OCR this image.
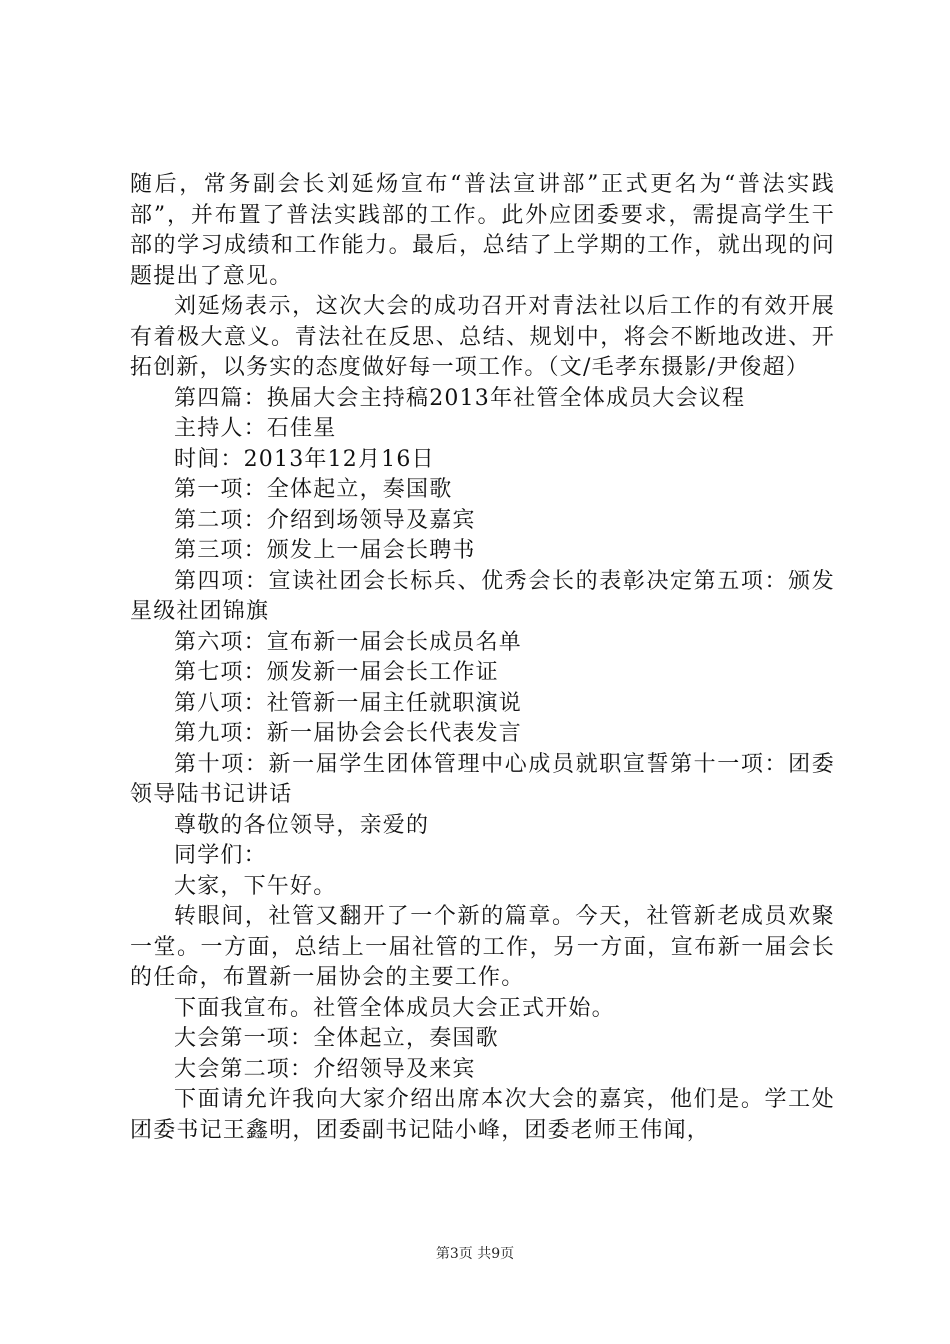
随后，常务副会长刘延炀宣布“普法宣讲部”正式更名为“普法实践部”，并布置了普法实践部的工作。此外应团委要求，需提高学生干部的学习成绩和工作能力。最后，总结了上学期的工作，就出现的问题提出了意见。

刘延炀表示，这次大会的成功召开对青法社以后工作的有效开展有着极大意义。青法社在反思、总结、规划中，将会不断地改进、开拓创新，以务实的态度做好每一项工作。（文/毛孝东摄影/尹俊超）

第四篇：换届大会主持稿2013年社管全体成员大会议程

主持人：石佳星

时间：2013年12月16日

第一项：全体起立，奏国歌

第二项：介绍到场领导及嘉宾

第三项：颁发上一届会长聘书

第四项：宣读社团会长标兵、优秀会长的表彰决定第五项：颁发星级社团锦旗

第六项：宣布新一届会长成员名单

第七项：颁发新一届会长工作证

第八项：社管新一届主任就职演说

第九项：新一届协会会长代表发言

第十项：新一届学生团体管理中心成员就职宣誓第十一项：团委领导陆书记讲话

尊敬的各位领导，亲爱的

同学们：

大家，下午好。

转眼间，社管又翻开了一个新的篇章。今天，社管新老成员欢聚一堂。一方面，总结上一届社管的工作，另一方面，宣布新一届会长的任命，布置新一届协会的主要工作。

下面我宣布。社管全体成员大会正式开始。

大会第一项：全体起立，奏国歌

大会第二项：介绍领导及来宾

下面请允许我向大家介绍出席本次大会的嘉宾，他们是。学工处团委书记王鑫明，团委副书记陆小峰，团委老师王伟闻，

第3页 共9页
